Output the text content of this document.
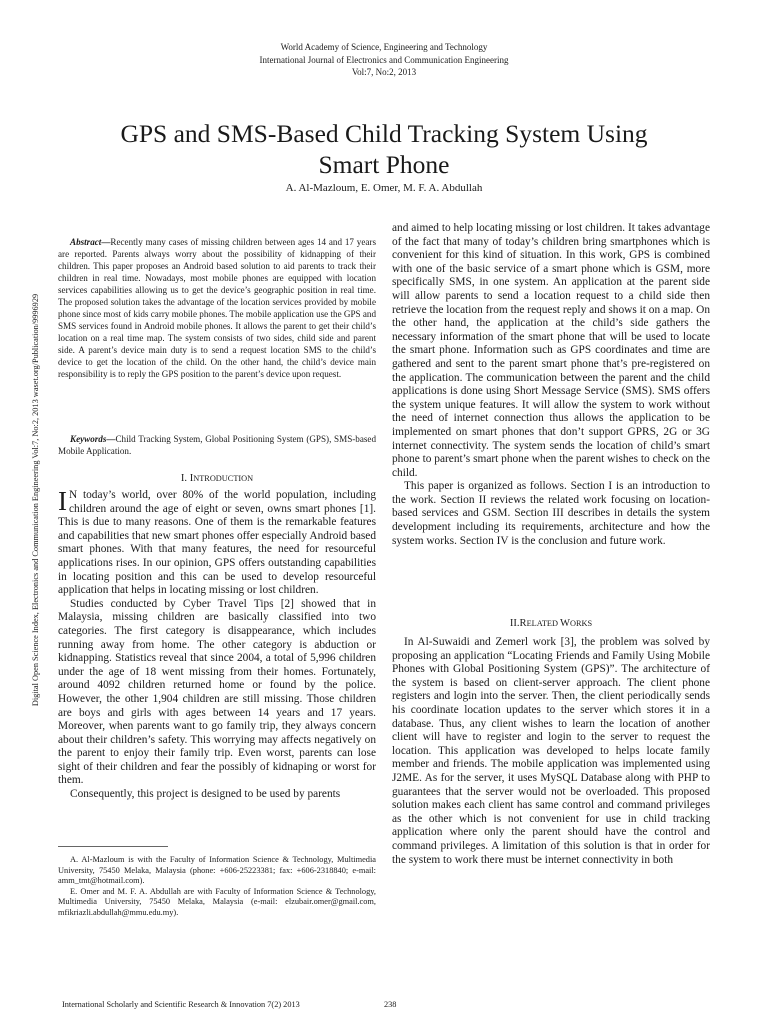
World Academy of Science, Engineering and Technology
International Journal of Electronics and Communication Engineering
Vol:7, No:2, 2013
GPS and SMS-Based Child Tracking System Using
Smart Phone
A. Al-Mazloum, E. Omer, M. F. A. Abdullah
Digital Open Science Index, Electronics and Communication Engineering Vol:7, No:2, 2013 waset.org/Publication/9996929

Abstract—Recently many cases of missing children between ages 14 and 17 years are reported. Parents always worry about the possibility of kidnapping of their children. This paper proposes an Android based solution to aid parents to track their children in real time. Nowadays, most mobile phones are equipped with location services capabilities allowing us to get the device’s geographic position in real time. The proposed solution takes the advantage of the location services provided by mobile phone since most of kids carry mobile phones. The mobile application use the GPS and SMS services found in Android mobile phones. It allows the parent to get their child’s location on a real time map. The system consists of two sides, child side and parent side. A parent’s device main duty is to send a request location SMS to the child’s device to get the location of the child. On the other hand, the child’s device main responsibility is to reply the GPS position to the parent’s device upon request.

Keywords—Child Tracking System, Global Positioning System (GPS), SMS-based Mobile Application.

I. INTRODUCTION

I N today’s world, over 80% of the world population, including children around the age of eight or seven, owns smart phones [1]. This is due to many reasons. One of them is the remarkable features and capabilities that new smart phones offer especially Android based smart phones. With that many features, the need for resourceful applications rises. In our opinion, GPS offers outstanding capabilities in locating position and this can be used to develop resourceful application that helps in locating missing or lost children.

Studies conducted by Cyber Travel Tips [2] showed that in Malaysia, missing children are basically classified into two categories. The first category is disappearance, which includes running away from home. The other category is abduction or kidnapping. Statistics reveal that since 2004, a total of 5,996 children under the age of 18 went missing from their homes. Fortunately, around 4092 children returned home or found by the police. However, the other 1,904 children are still missing. Those children are boys and girls with ages between 14 years and 17 years. Moreover, when parents want to go family trip, they always concern about their children’s safety. This worrying may affects negatively on the parent to enjoy their family trip. Even worst, parents can lose sight of their children and fear the possibly of kidnaping or worst for them.

Consequently, this project is designed to be used by parents

A. Al-Mazloum is with the Faculty of Information Science & Technology, Multimedia University, 75450 Melaka, Malaysia (phone: +606-25223381; fax: +606-2318840; e-mail: amm_tmt@hotmail.com).

E. Omer and M. F. A. Abdullah are with Faculty of Information Science & Technology, Multimedia University, 75450 Melaka, Malaysia (e-mail: elzubair.omer@gmail.com, mfikriazli.abdullah@mmu.edu.my).

and aimed to help locating missing or lost children. It takes advantage of the fact that many of today’s children bring smartphones which is convenient for this kind of situation. In this work, GPS is combined with one of the basic service of a smart phone which is GSM, more specifically SMS, in one system. An application at the parent side will allow parents to send a location request to a child side then retrieve the location from the request reply and shows it on a map. On the other hand, the application at the child’s side gathers the necessary information of the smart phone that will be used to locate the smart phone. Information such as GPS coordinates and time are gathered and sent to the parent smart phone that’s pre-registered on the application. The communication between the parent and the child applications is done using Short Message Service (SMS). SMS offers the system unique features. It will allow the system to work without the need of internet connection thus allows the application to be implemented on smart phones that don’t support GPRS, 2G or 3G internet connectivity. The system sends the location of child’s smart phone to parent’s smart phone when the parent wishes to check on the child.

This paper is organized as follows. Section I is an introduction to the work. Section II reviews the related work focusing on location-based services and GSM. Section III describes in details the system development including its requirements, architecture and how the system works. Section IV is the conclusion and future work.

II.RELATED WORKS

In Al-Suwaidi and Zemerl work [3], the problem was solved by proposing an application “Locating Friends and Family Using Mobile Phones with Global Positioning System (GPS)”. The architecture of the system is based on client-server approach. The client phone registers and login into the server. Then, the client periodically sends his coordinate location updates to the server which stores it in a database. Thus, any client wishes to learn the location of another client will have to register and login to the server to request the location. This application was developed to helps locate family member and friends. The mobile application was implemented using J2ME. As for the server, it uses MySQL Database along with PHP to guarantees that the server would not be overloaded. This proposed solution makes each client has same control and command privileges as the other which is not convenient for use in child tracking application where only the parent should have the control and command privileges. A limitation of this solution is that in order for the system to work there must be internet connectivity in both

International Scholarly and Scientific Research & Innovation 7(2) 2013	238
